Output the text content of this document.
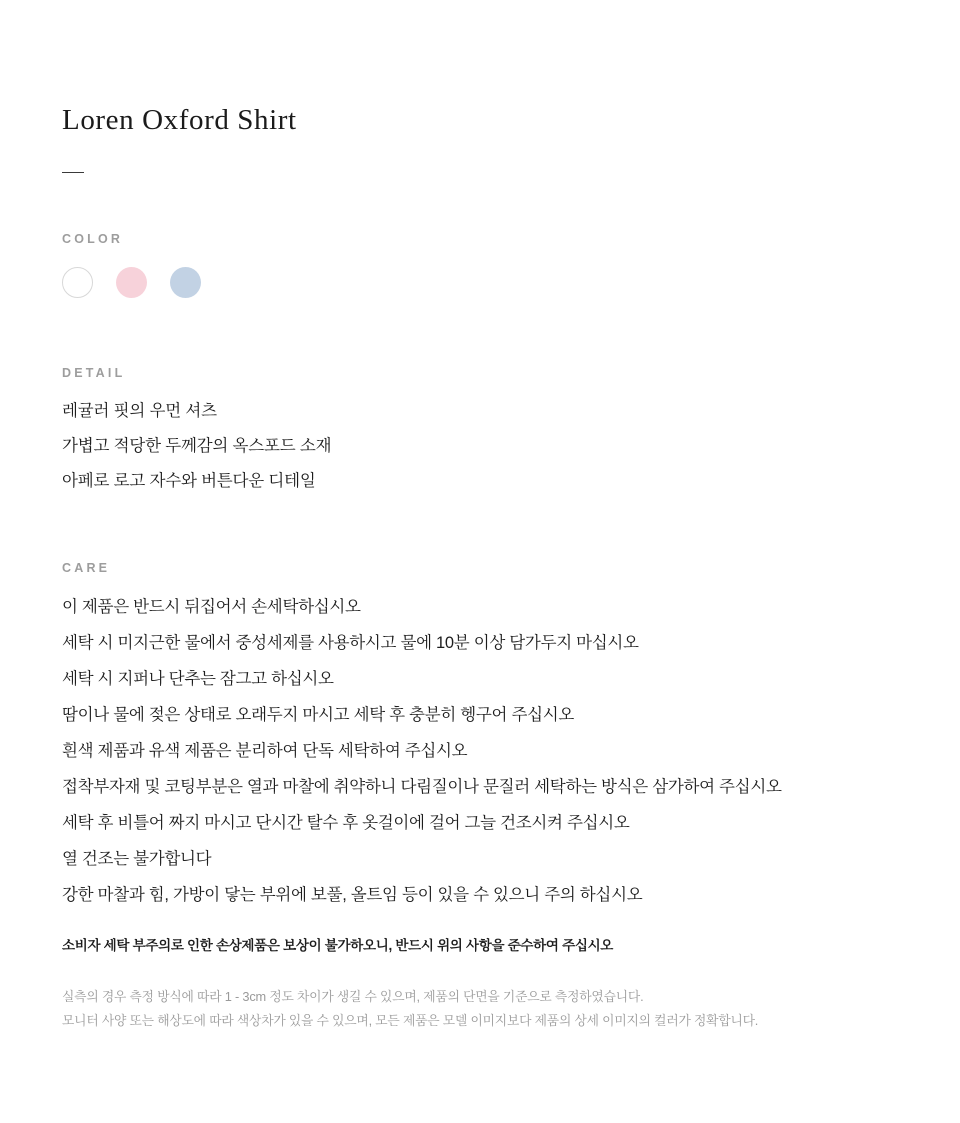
Loren Oxford Shirt
COLOR
DETAIL
레귤러 핏의 우먼 셔츠
가볍고 적당한 두께감의 옥스포드 소재
아페로 로고 자수와 버튼다운 디테일
CARE
이 제품은 반드시 뒤집어서 손세탁하십시오
세탁 시 미지근한 물에서 중성세제를 사용하시고 물에 10분 이상 담가두지 마십시오
세탁 시 지퍼나 단추는 잠그고 하십시오
땀이나 물에 젖은 상태로 오래두지 마시고 세탁 후 충분히 헹구어 주십시오
흰색 제품과 유색 제품은 분리하여 단독 세탁하여 주십시오
접착부자재 및 코팅부분은 열과 마찰에 취약하니 다림질이나 문질러 세탁하는 방식은 삼가하여 주십시오
세탁 후 비틀어 짜지 마시고 단시간 탈수 후 옷걸이에 걸어 그늘 건조시켜 주십시오
열 건조는 불가합니다
강한 마찰과 힘, 가방이 닿는 부위에 보풀, 올트임 등이 있을 수 있으니 주의 하십시오
소비자 세탁 부주의로 인한 손상제품은 보상이 불가하오니, 반드시 위의 사항을 준수하여 주십시오
실측의 경우 측정 방식에 따라 1 - 3cm 정도 차이가 생길 수 있으며, 제품의 단면을 기준으로 측정하였습니다.
모니터 사양 또는 해상도에 따라 색상차가 있을 수 있으며, 모든 제품은 모델 이미지보다 제품의 상세 이미지의 컬러가 정확합니다.
